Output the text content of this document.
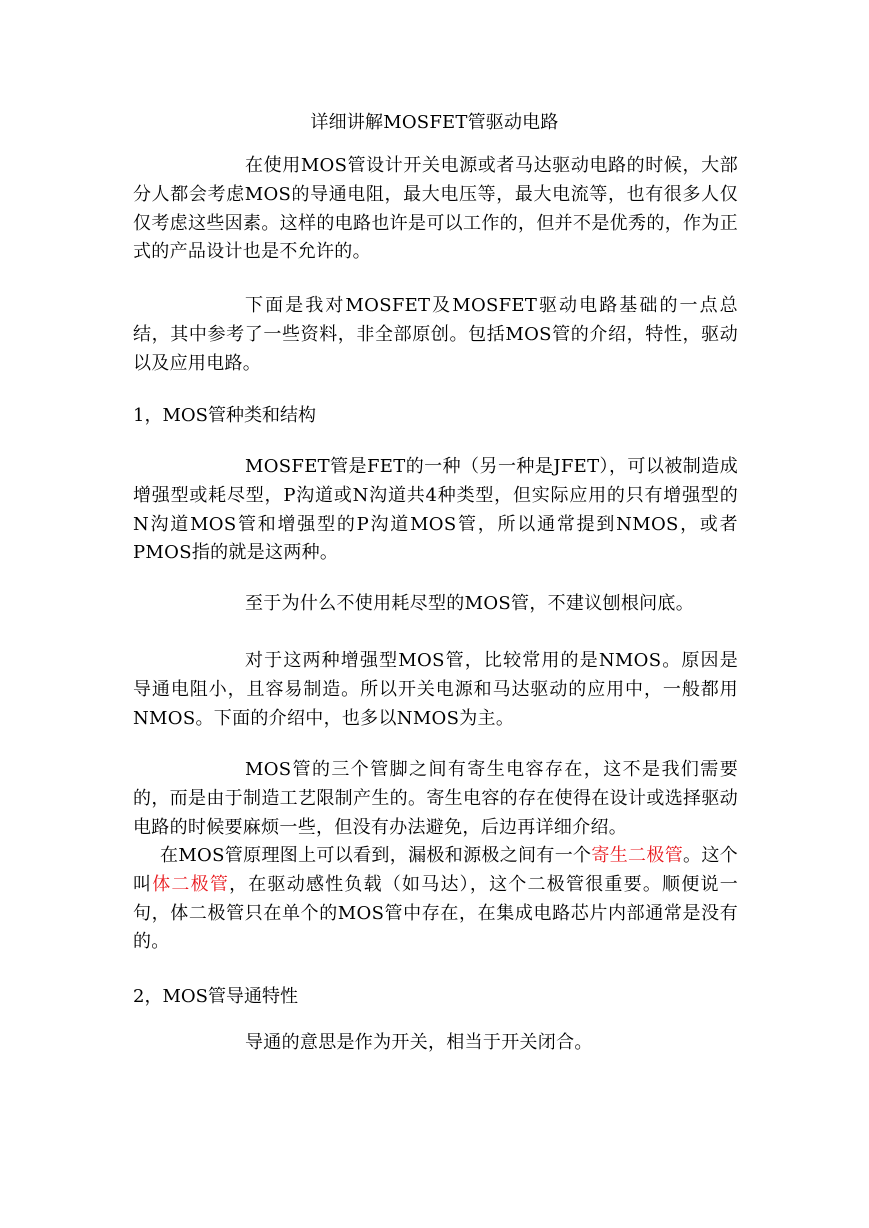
详细讲解MOSFET管驱动电路
在使用MOS管设计开关电源或者马达驱动电路的时候，大部分人都会考虑MOS的导通电阻，最大电压等，最大电流等，也有很多人仅仅考虑这些因素。这样的电路也许是可以工作的，但并不是优秀的，作为正式的产品设计也是不允许的。
下面是我对MOSFET及MOSFET驱动电路基础的一点总结，其中参考了一些资料，非全部原创。包括MOS管的介绍，特性，驱动以及应用电路。
1，MOS管种类和结构
MOSFET管是FET的一种（另一种是JFET），可以被制造成增强型或耗尽型，P沟道或N沟道共4种类型，但实际应用的只有增强型的N沟道MOS管和增强型的P沟道MOS管，所以通常提到NMOS，或者PMOS指的就是这两种。
至于为什么不使用耗尽型的MOS管，不建议刨根问底。
对于这两种增强型MOS管，比较常用的是NMOS。原因是导通电阻小，且容易制造。所以开关电源和马达驱动的应用中，一般都用NMOS。下面的介绍中，也多以NMOS为主。
MOS管的三个管脚之间有寄生电容存在，这不是我们需要的，而是由于制造工艺限制产生的。寄生电容的存在使得在设计或选择驱动电路的时候要麻烦一些，但没有办法避免，后边再详细介绍。
在MOS管原理图上可以看到，漏极和源极之间有一个寄生二极管。这个叫体二极管，在驱动感性负载（如马达），这个二极管很重要。顺便说一句，体二极管只在单个的MOS管中存在，在集成电路芯片内部通常是没有的。
2，MOS管导通特性
导通的意思是作为开关，相当于开关闭合。
